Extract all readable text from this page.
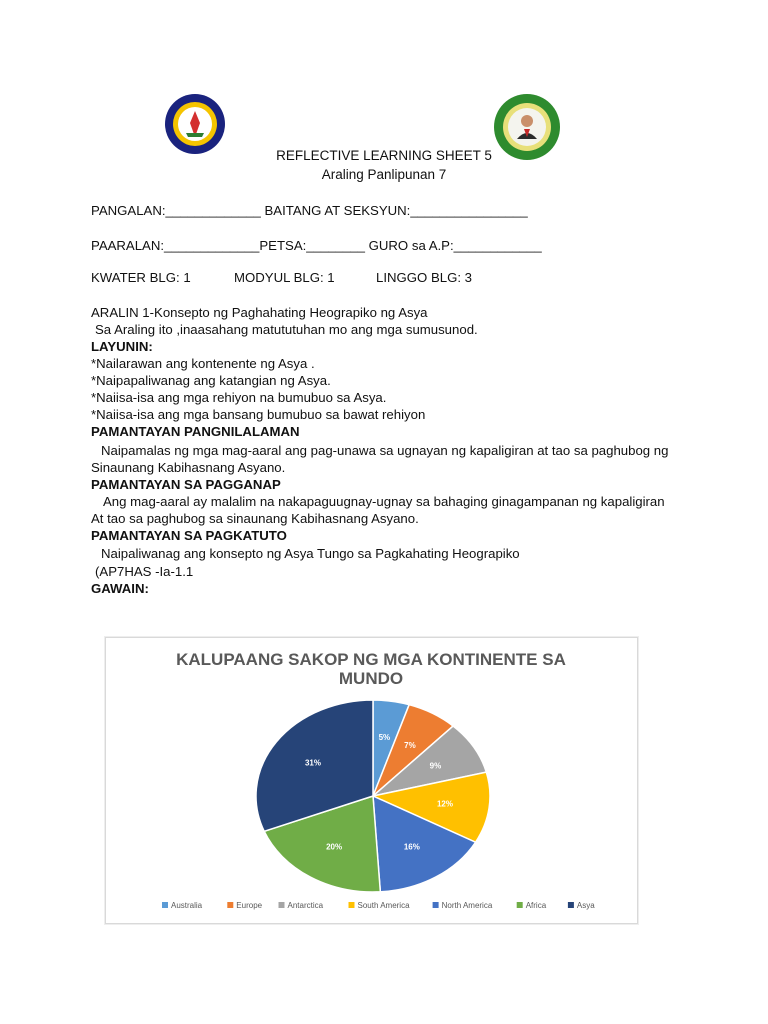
REFLECTIVE LEARNING SHEET 5
Araling Panlipunan 7
PANGALAN:_____________ BAITANG AT SEKSYUN:________________
PAARALAN:_____________PETSA:________ GURO sa A.P:____________
KWATER BLG: 1	MODYUL BLG: 1	LINGGO BLG: 3
ARALIN 1-Konsepto ng Paghahating Heograpiko ng Asya
Sa Araling ito ,inaasahang matututuhan mo ang mga sumusunod.
LAYUNIN:
*Nailarawan ang kontenente ng Asya .
*Naipapaliwanag ang katangian ng Asya.
*Naiisa-isa ang mga rehiyon na bumubuo sa Asya.
*Naiisa-isa ang mga bansang bumubuo sa bawat rehiyon
PAMANTAYAN PANGNILALAMAN
Naipamalas ng mga mag-aaral ang pag-unawa sa ugnayan ng kapaligiran at tao sa paghubog ng
Sinaunang Kabihasnang Asyano.
PAMANTAYAN SA PAGGANAP
Ang mag-aaral ay malalim na nakapaguugnay-ugnay sa bahaging ginagampanan ng kapaligiran
At tao sa paghubog sa sinaunang Kabihasnang Asyano.
PAMANTAYAN SA PAGKATUTO
Naipaliwanag ang konsepto ng Asya Tungo sa Pagkahating Heograpiko
(AP7HAS -Ia-1.1
GAWAIN:
KALUPAANG SAKOP NG MGA KONTINENTE SA
MUNDO
5%
7%
9%
12%
16%
20%
31%
Australia	Europe	Antarctica	South America	North America	Africa	Asya
